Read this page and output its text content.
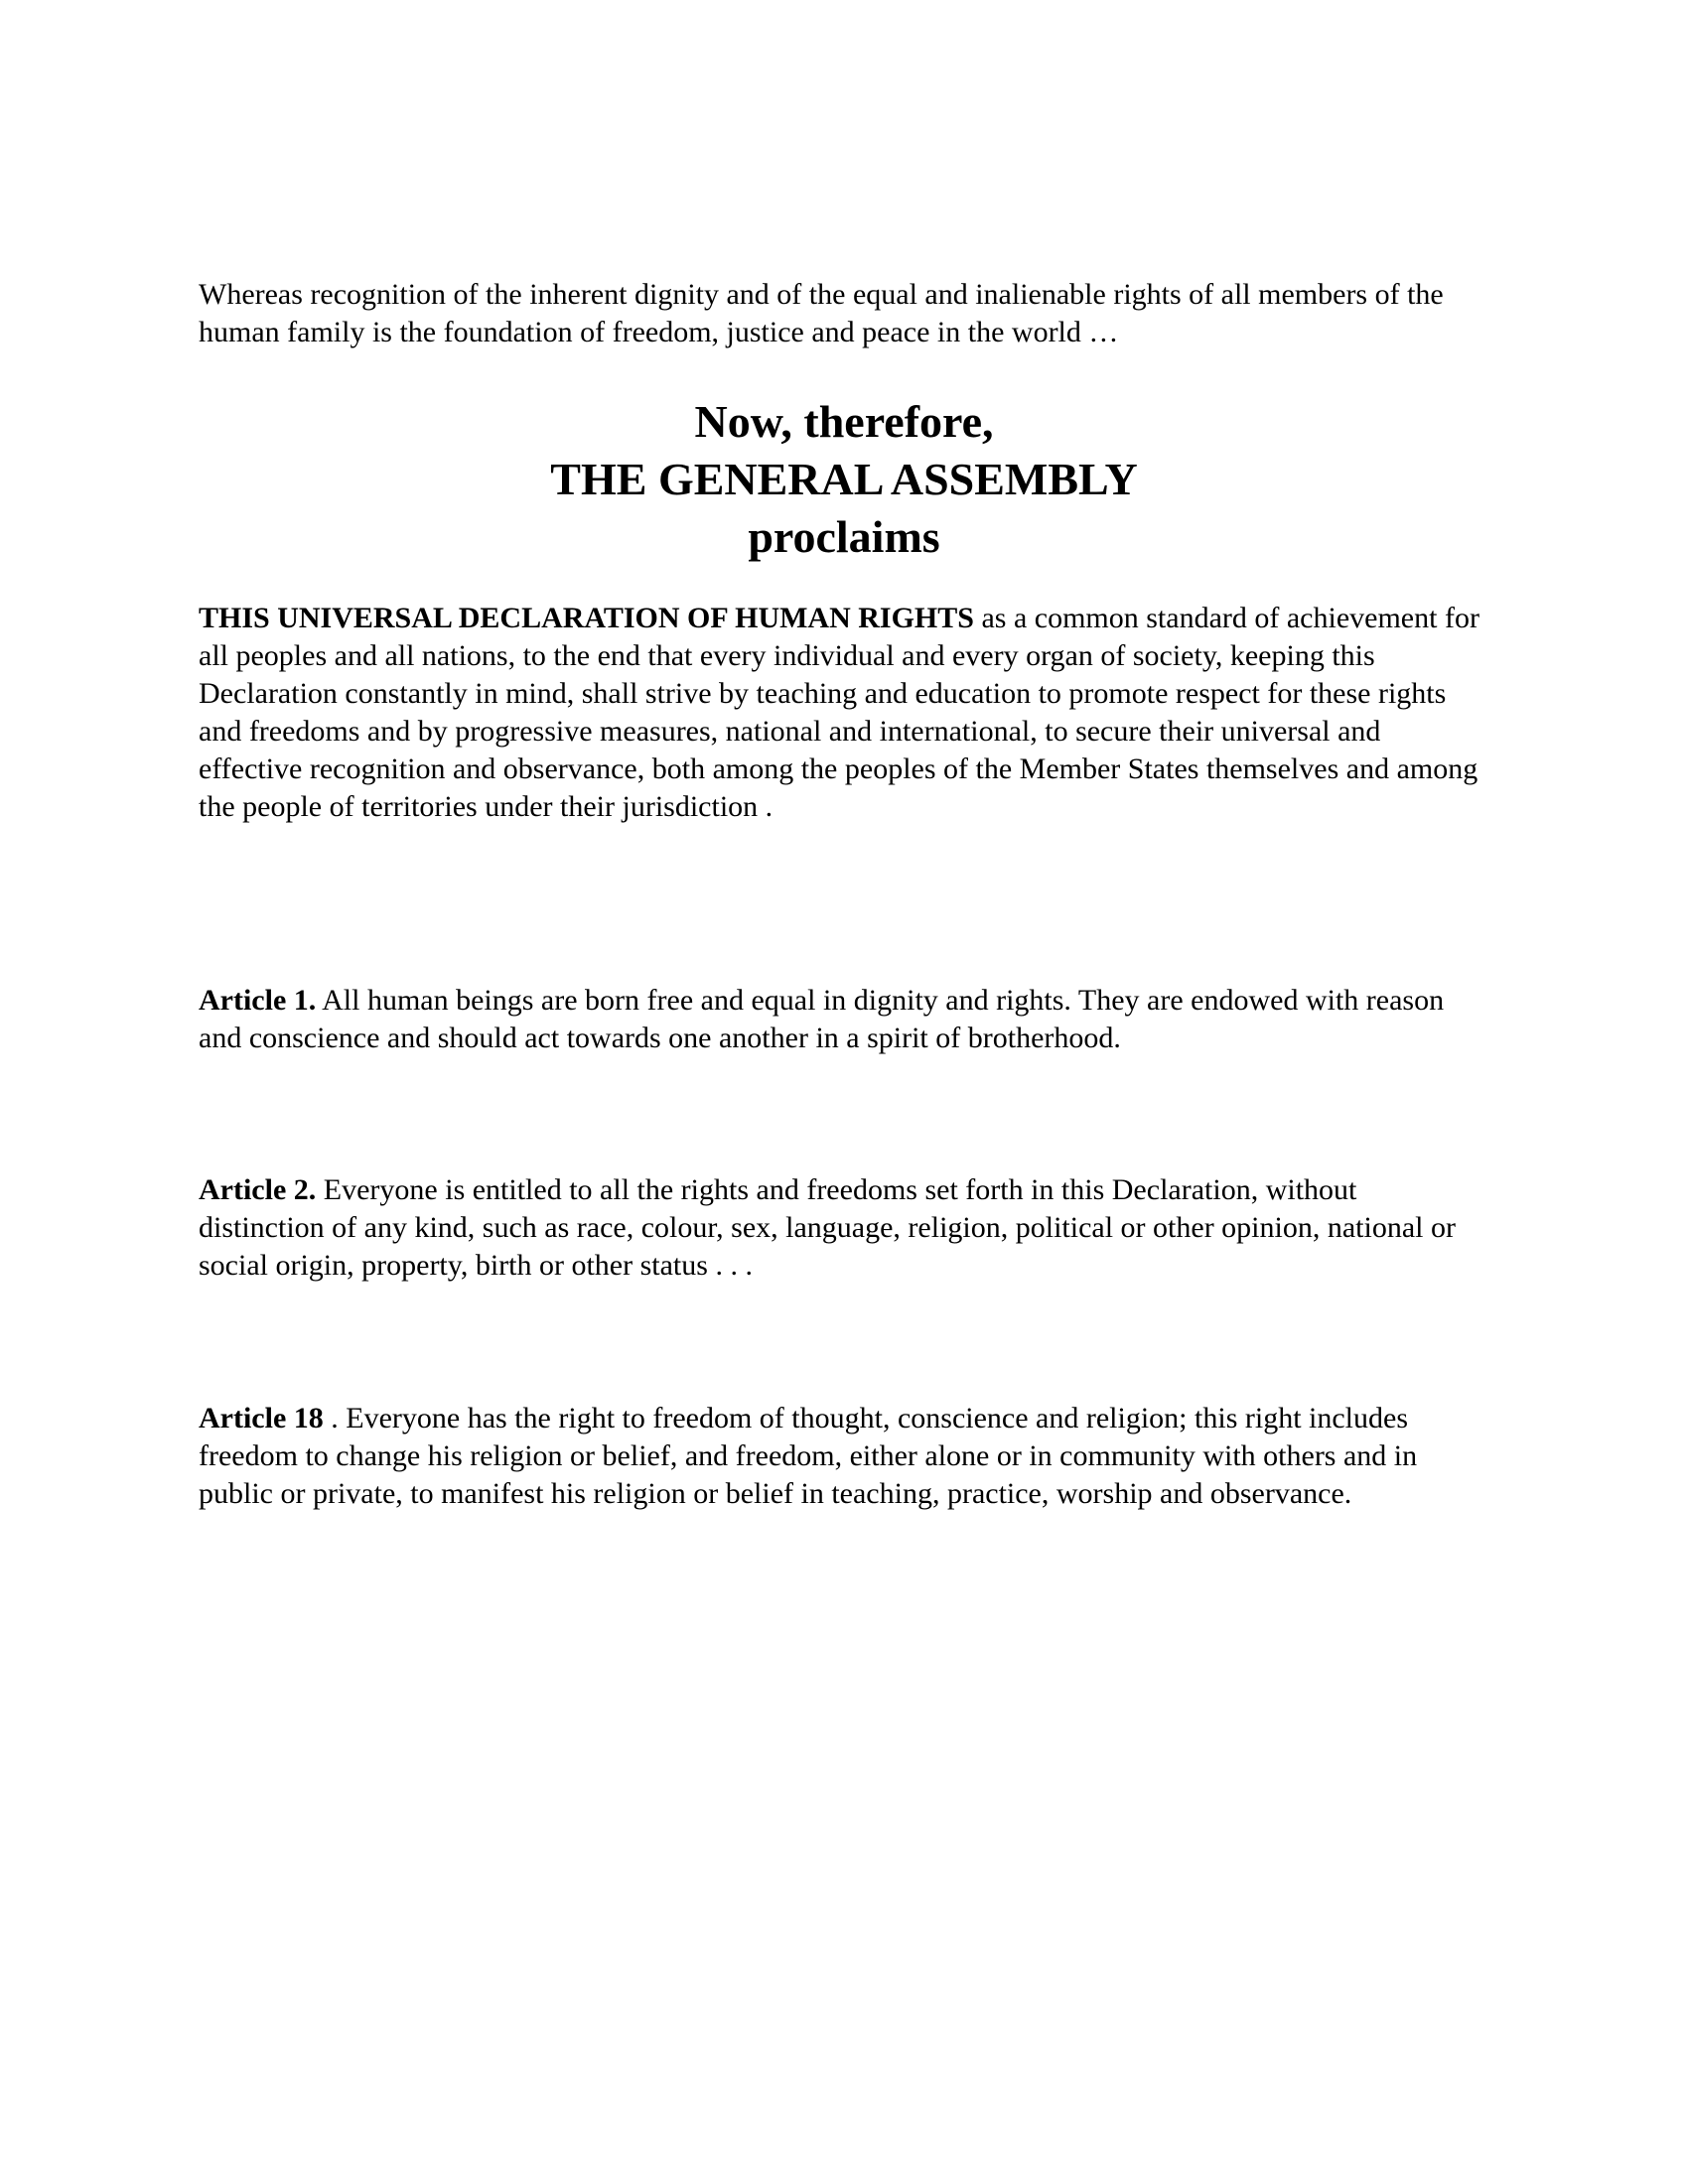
Whereas recognition of the inherent dignity and of the equal and inalienable rights of all members of the human family is the foundation of freedom, justice and peace in the world …

Now, therefore,
THE GENERAL ASSEMBLY
proclaims

THIS UNIVERSAL DECLARATION OF HUMAN RIGHTS as a common standard of achievement for all peoples and all nations, to the end that every individual and every organ of society, keeping this Declaration constantly in mind, shall strive by teaching and education to promote respect for these rights and freedoms and by progressive measures, national and international, to secure their universal and effective recognition and observance, both among the peoples of the Member States themselves and among the people of territories under their jurisdiction .

Article 1. All human beings are born free and equal in dignity and rights. They are endowed with reason and conscience and should act towards one another in a spirit of brotherhood.

Article 2. Everyone is entitled to all the rights and freedoms set forth in this Declaration, without distinction of any kind, such as race, colour, sex, language, religion, political or other opinion, national or social origin, property, birth or other status . . .

Article 18 . Everyone has the right to freedom of thought, conscience and religion; this right includes freedom to change his religion or belief, and freedom, either alone or in community with others and in public or private, to manifest his religion or belief in teaching, practice, worship and observance.
